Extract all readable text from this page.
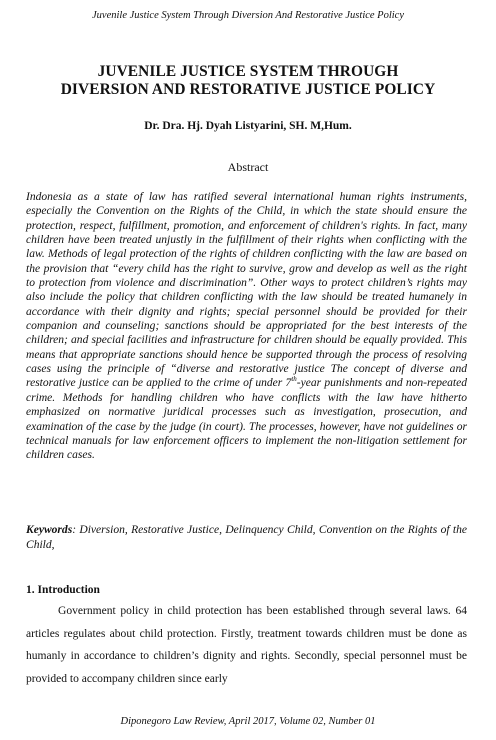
Juvenile Justice System Through Diversion And Restorative Justice Policy
JUVENILE JUSTICE SYSTEM THROUGH
DIVERSION AND RESTORATIVE JUSTICE POLICY
Dr. Dra. Hj. Dyah Listyarini, SH. M,Hum.
Abstract
Indonesia as a state of law has ratified several international human rights instruments, especially the Convention on the Rights of the Child, in which the state should ensure the protection, respect, fulfillment, promotion, and enforcement of children's rights. In fact, many children have been treated unjustly in the fulfillment of their rights when conflicting with the law. Methods of legal protection of the rights of children conflicting with the law are based on the provision that “every child has the right to survive, grow and develop as well as the right to protection from violence and discrimination”. Other ways to protect children’s rights may also include the policy that children conflicting with the law should be treated humanely in accordance with their dignity and rights; special personnel should be provided for their companion and counseling; sanctions should be appropriated for the best interests of the children; and special facilities and infrastructure for children should be equally provided. This means that appropriate sanctions should hence be supported through the process of resolving cases using the principle of “diverse and restorative justice The concept of diverse and restorative justice can be applied to the crime of under 7th-year punishments and non-repeated crime. Methods for handling children who have conflicts with the law have hitherto emphasized on normative juridical processes such as investigation, prosecution, and examination of the case by the judge (in court). The processes, however, have not guidelines or technical manuals for law enforcement officers to implement the non-litigation settlement for children cases.
Keywords: Diversion, Restorative Justice, Delinquency Child, Convention on the Rights of the Child,
1. Introduction
Government policy in child protection has been established through several laws. 64 articles regulates about child protection. Firstly, treatment towards children must be done as humanly in accordance to children’s dignity and rights. Secondly, special personnel must be provided to accompany children since early
Diponegoro Law Review, April 2017, Volume 02, Number 01
